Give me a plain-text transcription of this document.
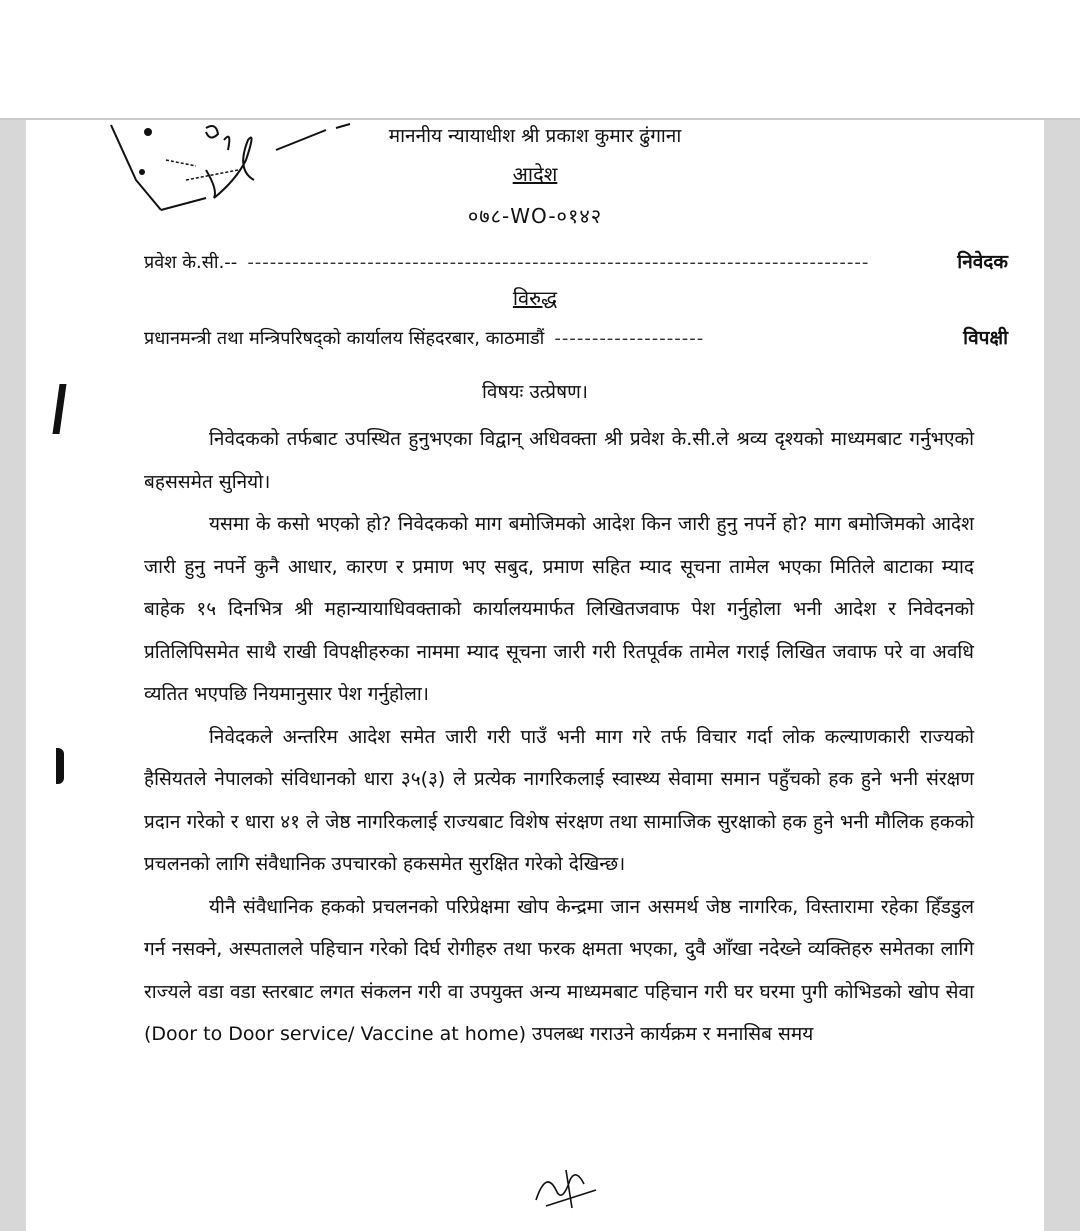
माननीय न्यायाधीश श्री प्रकाश कुमार ढुंगाना
आदेश
०७८-WO-०१४२
प्रवेश के.सी.-- -----------------------------------------------------------------------------------	निवेदक
विरुद्ध
प्रधानमन्त्री तथा मन्त्रिपरिषद्को कार्यालय सिंहदरबार, काठमाडौं --------------------	विपक्षी
विषयः उत्प्रेषण।

निवेदकको तर्फबाट उपस्थित हुनुभएका विद्वान् अधिवक्ता श्री प्रवेश के.सी.ले श्रव्य दृश्यको माध्यमबाट गर्नुभएको बहससमेत सुनियो।

यसमा के कसो भएको हो? निवेदकको माग बमोजिमको आदेश किन जारी हुनु नपर्ने हो? माग बमोजिमको आदेश जारी हुनु नपर्ने कुनै आधार, कारण र प्रमाण भए सबुद, प्रमाण सहित म्याद सूचना तामेल भएका मितिले बाटाका म्याद बाहेक १५ दिनभित्र श्री महान्यायाधिवक्ताको कार्यालयमार्फत लिखितजवाफ पेश गर्नुहोला भनी आदेश र निवेदनको प्रतिलिपिसमेत साथै राखी विपक्षीहरुका नाममा म्याद सूचना जारी गरी रितपूर्वक तामेल गराई लिखित जवाफ परे वा अवधि व्यतित भएपछि नियमानुसार पेश गर्नुहोला।

निवेदकले अन्तरिम आदेश समेत जारी गरी पाउँ भनी माग गरे तर्फ विचार गर्दा लोक कल्याणकारी राज्यको हैसियतले नेपालको संविधानको धारा ३५(३) ले प्रत्येक नागरिकलाई स्वास्थ्य सेवामा समान पहुँचको हक हुने भनी संरक्षण प्रदान गरेको र धारा ४१ ले जेष्ठ नागरिकलाई राज्यबाट विशेष संरक्षण तथा सामाजिक सुरक्षाको हक हुने भनी मौलिक हकको प्रचलनको लागि संवैधानिक उपचारको हकसमेत सुरक्षित गरेको देखिन्छ।

यीनै संवैधानिक हकको प्रचलनको परिप्रेक्षमा खोप केन्द्रमा जान असमर्थ जेष्ठ नागरिक, विस्तारामा रहेका हिँडडुल गर्न नसक्ने, अस्पतालले पहिचान गरेको दिर्घ रोगीहरु तथा फरक क्षमता भएका, दुवै आँखा नदेख्ने व्यक्तिहरु समेतका लागि राज्यले वडा वडा स्तरबाट लगत संकलन गरी वा उपयुक्त अन्य माध्यमबाट पहिचान गरी घर घरमा पुगी कोभिडको खोप सेवा (Door to Door service/ Vaccine at home) उपलब्ध गराउने कार्यक्रम र मनासिब समय
